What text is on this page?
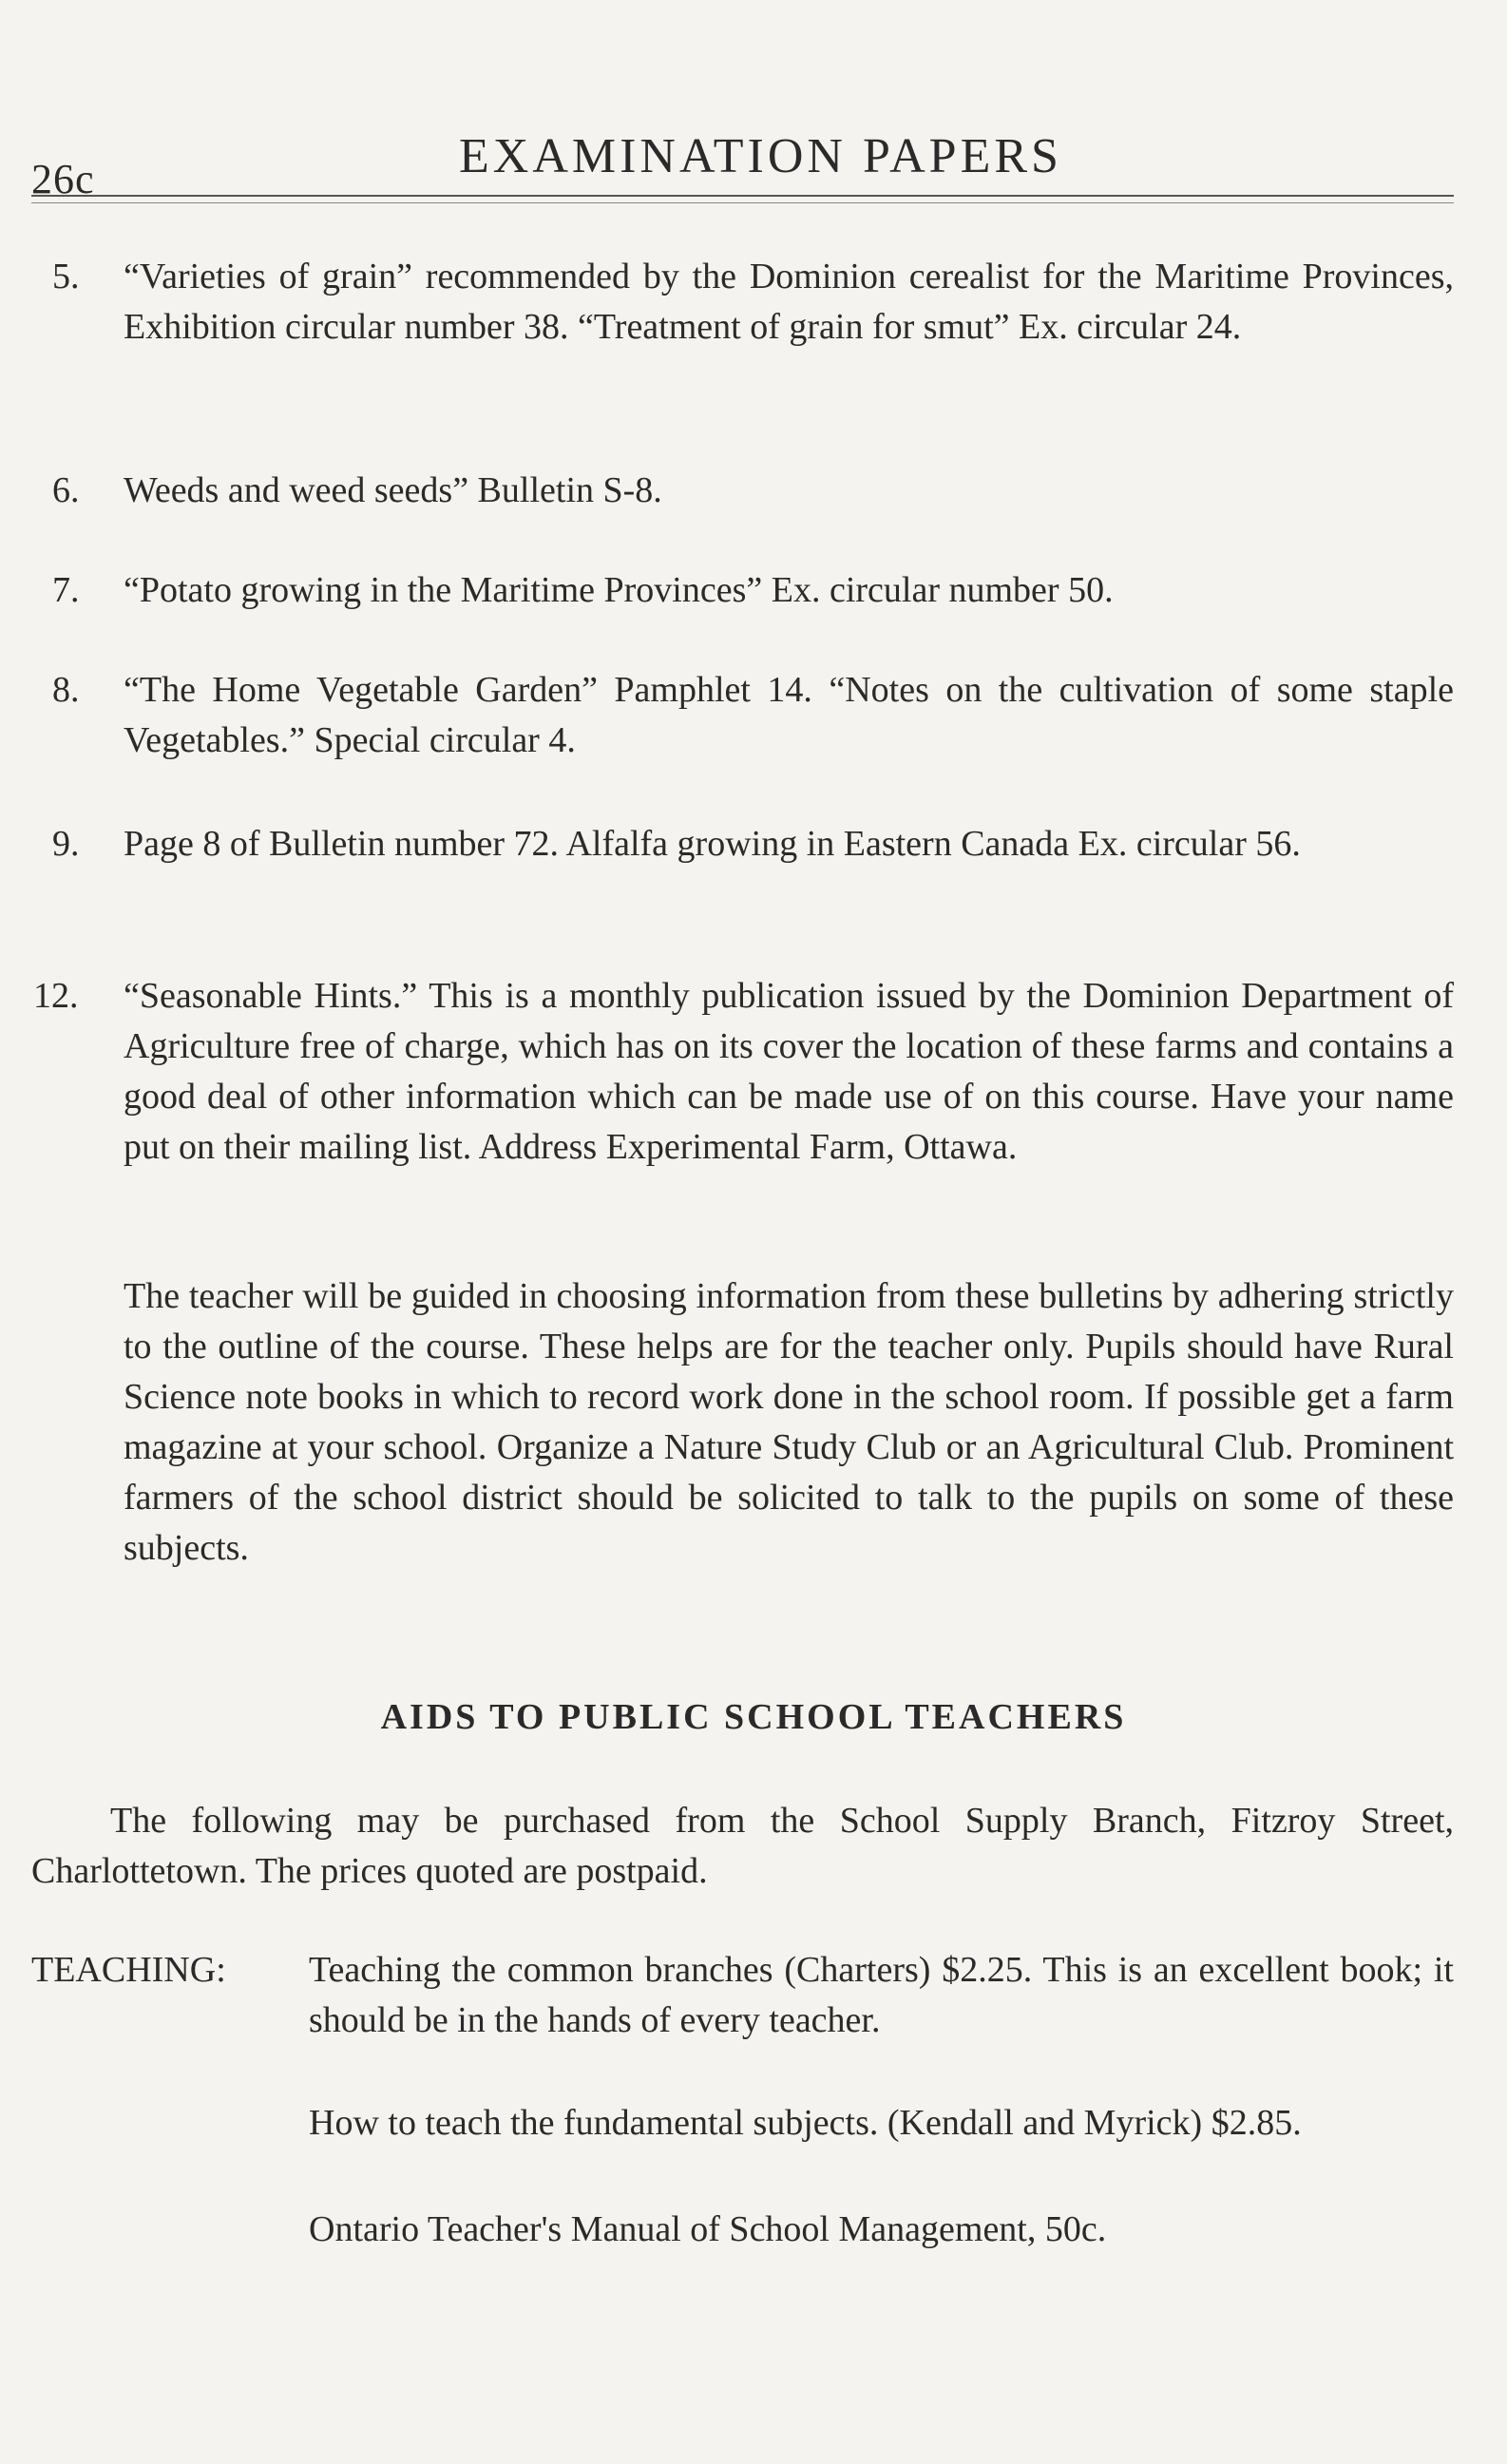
26c	EXAMINATION PAPERS
5. “Varieties of grain” recommended by the Dominion cerealist for the Maritime Provinces, Exhibition circular number 38. “Treatment of grain for smut” Ex. circular 24.
6. Weeds and weed seeds” Bulletin S-8.
7. “Potato growing in the Maritime Provinces” Ex. circular number 50.
8. “The Home Vegetable Garden” Pamphlet 14. “Notes on the cultivation of some staple Vegetables.” Special circular 4.
9. Page 8 of Bulletin number 72. Alfalfa growing in Eastern Canada Ex. circular 56.
12. “Seasonable Hints.” This is a monthly publication issued by the Dominion Department of Agriculture free of charge, which has on its cover the location of these farms and contains a good deal of other information which can be made use of on this course. Have your name put on their mailing list. Address Experimental Farm, Ottawa.
The teacher will be guided in choosing information from these bulletins by adhering strictly to the outline of the course. These helps are for the teacher only. Pupils should have Rural Science note books in which to record work done in the school room. If possible get a farm magazine at your school. Organize a Nature Study Club or an Agricultural Club. Prominent farmers of the school district should be solicited to talk to the pupils on some of these subjects.
AIDS TO PUBLIC SCHOOL TEACHERS
The following may be purchased from the School Supply Branch, Fitzroy Street, Charlottetown. The prices quoted are postpaid.
TEACHING: Teaching the common branches (Charters) $2.25. This is an excellent book; it should be in the hands of every teacher.
How to teach the fundamental subjects. (Kendall and Myrick) $2.85.
Ontario Teacher's Manual of School Management, 50c.
